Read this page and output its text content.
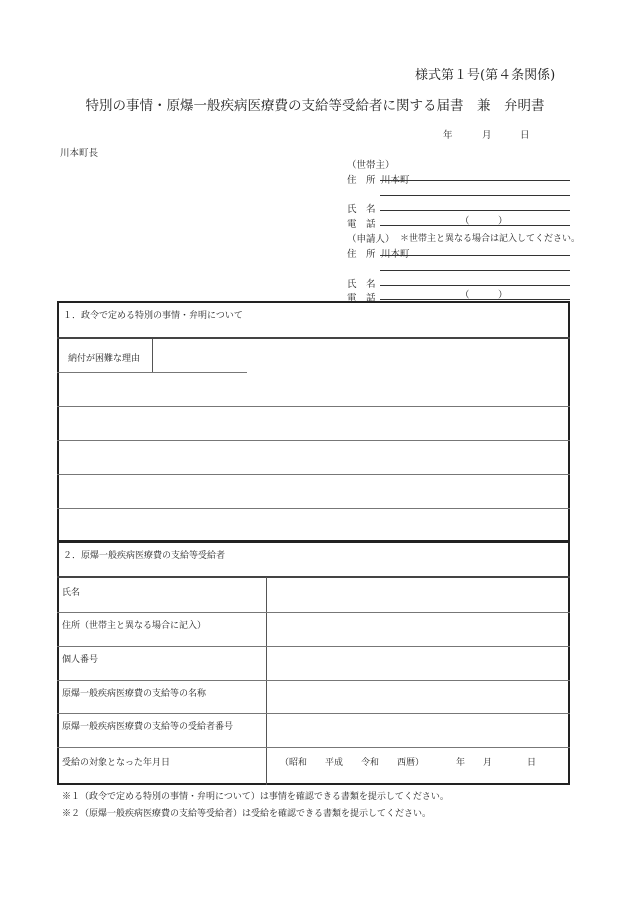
様式第１号(第４条関係)
特別の事情・原爆一般疾病医療費の支給等受給者に関する届書　兼　弁明書
年	月	日
川本町長
（世帯主）
住　所 川本町
氏　名
電　話	（　　　）
（申請人） ＊世帯主と異なる場合は記入してください。
住　所 川本町
氏　名
電　話	（　　　）
１．政令で定める特別の事情・弁明について
納付が困難な理由
２．原爆一般疾病医療費の支給等受給者
氏名
住所（世帯主と異なる場合に記入）
個人番号
原爆一般疾病医療費の支給等の名称
原爆一般疾病医療費の支給等の受給者番号
受給の対象となった年月日	（昭和　　平成　　令和　　西暦）	年 月	日
※１（政令で定める特別の事情・弁明について）は事情を確認できる書類を提示してください。
※２（原爆一般疾病医療費の支給等受給者）は受給を確認できる書類を提示してください。
